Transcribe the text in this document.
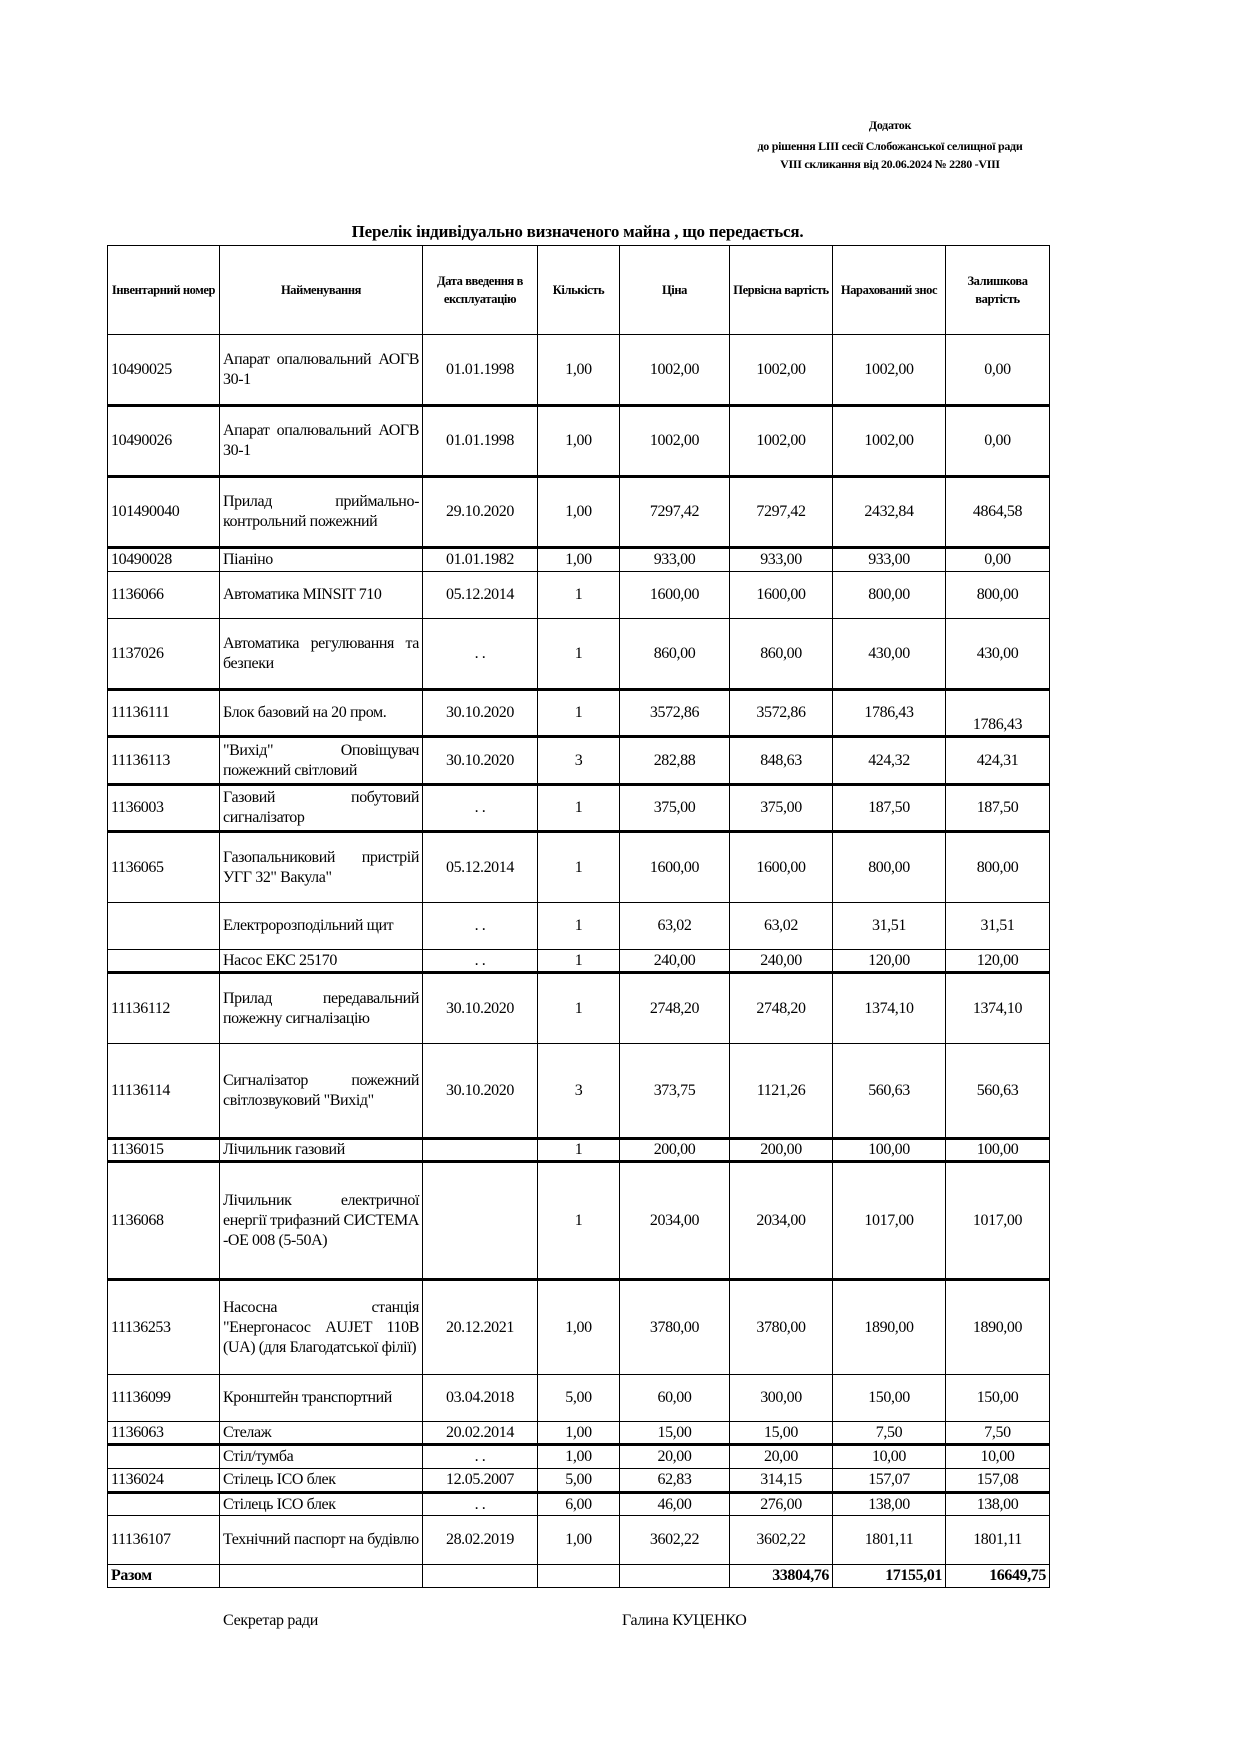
Додаток
до рішення LIII сесії Слобожанської селищної ради
VIII скликання від 20.06.2024 № 2280 -VIII
Перелік індивідуально визначеного майна , що передається.
Інвентарний номер	Найменування	Дата введення в експлуатацію	Кількість	Ціна	Первісна вартість	Нарахований знос	Залишкова вартість
10490025	Апарат опалювальний АОГВ 30-1	01.01.1998	1,00	1002,00	1002,00	1002,00	0,00
10490026	Апарат опалювальний АОГВ 30-1	01.01.1998	1,00	1002,00	1002,00	1002,00	0,00
101490040	Прилад приймально-контрольний пожежний	29.10.2020	1,00	7297,42	7297,42	2432,84	4864,58
10490028	Піаніно	01.01.1982	1,00	933,00	933,00	933,00	0,00
1136066	Автоматика MINSIT 710	05.12.2014	1	1600,00	1600,00	800,00	800,00
1137026	Автоматика регулювання та безпеки	. .	1	860,00	860,00	430,00	430,00
11136111	Блок базовий на 20 пром.	30.10.2020	1	3572,86	3572,86	1786,43	1786,43
11136113	"Вихід" Оповіщувач пожежний світловий	30.10.2020	3	282,88	848,63	424,32	424,31
1136003	Газовий побутовий сигналізатор	. .	1	375,00	375,00	187,50	187,50
1136065	Газопальниковий пристрій УГГ 32" Вакула"	05.12.2014	1	1600,00	1600,00	800,00	800,00
	Електророзподільний щит	. .	1	63,02	63,02	31,51	31,51
	Насос ЕКС 25170	. .	1	240,00	240,00	120,00	120,00
11136112	Прилад передавальний пожежну сигналізацію	30.10.2020	1	2748,20	2748,20	1374,10	1374,10
11136114	Сигналізатор пожежний світлозвуковий "Вихід"	30.10.2020	3	373,75	1121,26	560,63	560,63
1136015	Лічильник газовий		1	200,00	200,00	100,00	100,00
1136068	Лічильник електричної енергії трифазний СИСТЕМА -ОЕ 008 (5-50А)		1	2034,00	2034,00	1017,00	1017,00
11136253	Насосна станція "Енергонасос AUJET 110B (UA) (для Благодатської філії)	20.12.2021	1,00	3780,00	3780,00	1890,00	1890,00
11136099	Кронштейн транспортний	03.04.2018	5,00	60,00	300,00	150,00	150,00
1136063	Стелаж	20.02.2014	1,00	15,00	15,00	7,50	7,50
	Стіл/тумба	. .	1,00	20,00	20,00	10,00	10,00
1136024	Стілець ІСО блек	12.05.2007	5,00	62,83	314,15	157,07	157,08
	Стілець ІСО блек	. .	6,00	46,00	276,00	138,00	138,00
11136107	Технічний паспорт на будівлю	28.02.2019	1,00	3602,22	3602,22	1801,11	1801,11
Разом					33804,76	17155,01	16649,75
Секретар ради	Галина КУЦЕНКО
